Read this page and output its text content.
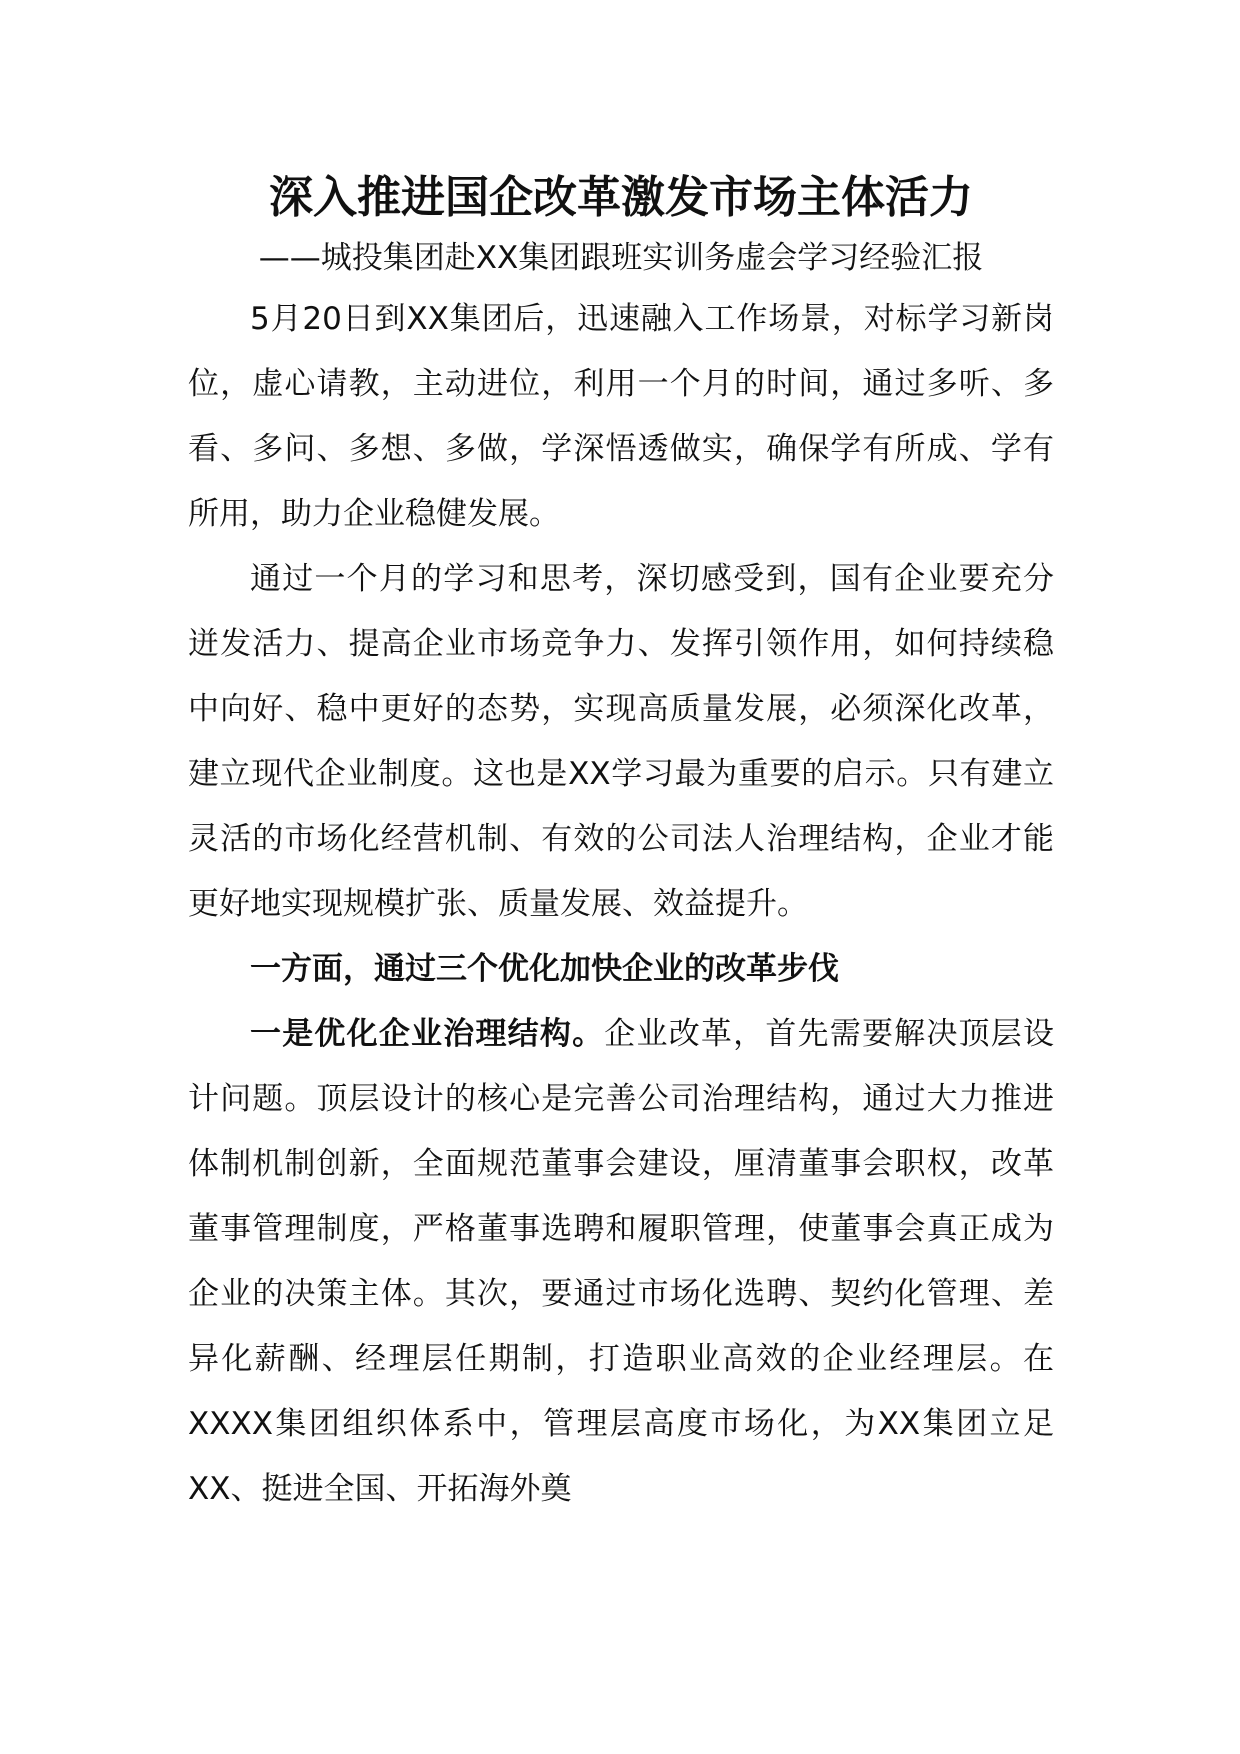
深入推进国企改革激发市场主体活力
——城投集团赴XX集团跟班实训务虚会学习经验汇报

5月20日到XX集团后，迅速融入工作场景，对标学习新岗位，虚心请教，主动进位，利用一个月的时间，通过多听、多看、多问、多想、多做，学深悟透做实，确保学有所成、学有所用，助力企业稳健发展。

通过一个月的学习和思考，深切感受到，国有企业要充分迸发活力、提高企业市场竞争力、发挥引领作用，如何持续稳中向好、稳中更好的态势，实现高质量发展，必须深化改革，建立现代企业制度。这也是XX学习最为重要的启示。只有建立灵活的市场化经营机制、有效的公司法人治理结构，企业才能更好地实现规模扩张、质量发展、效益提升。

一方面，通过三个优化加快企业的改革步伐

一是优化企业治理结构。企业改革，首先需要解决顶层设计问题。顶层设计的核心是完善公司治理结构，通过大力推进体制机制创新，全面规范董事会建设，厘清董事会职权，改革董事管理制度，严格董事选聘和履职管理，使董事会真正成为企业的决策主体。其次，要通过市场化选聘、契约化管理、差异化薪酬、经理层任期制，打造职业高效的企业经理层。在XXXX集团组织体系中，管理层高度市场化，为XX集团立足XX、挺进全国、开拓海外奠
